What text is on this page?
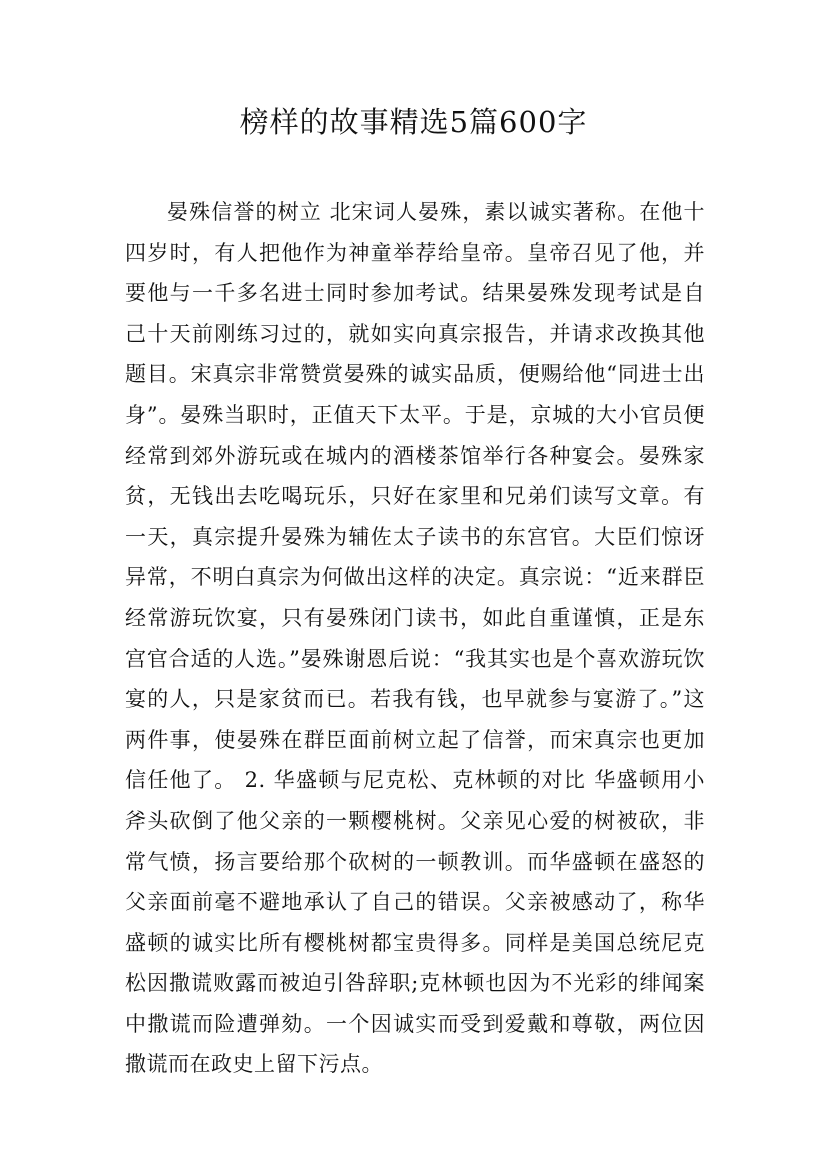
榜样的故事精选5篇600字

晏殊信誉的树立 北宋词人晏殊，素以诚实著称。在他十四岁时，有人把他作为神童举荐给皇帝。皇帝召见了他，并要他与一千多名进士同时参加考试。结果晏殊发现考试是自己十天前刚练习过的，就如实向真宗报告，并请求改换其他题目。宋真宗非常赞赏晏殊的诚实品质，便赐给他“同进士出身”。晏殊当职时，正值天下太平。于是，京城的大小官员便经常到郊外游玩或在城内的酒楼茶馆举行各种宴会。晏殊家贫，无钱出去吃喝玩乐，只好在家里和兄弟们读写文章。有一天，真宗提升晏殊为辅佐太子读书的东宫官。大臣们惊讶异常，不明白真宗为何做出这样的决定。真宗说：“近来群臣经常游玩饮宴，只有晏殊闭门读书，如此自重谨慎，正是东宫官合适的人选。”晏殊谢恩后说：“我其实也是个喜欢游玩饮宴的人，只是家贫而已。若我有钱，也早就参与宴游了。”这两件事，使晏殊在群臣面前树立起了信誉，而宋真宗也更加信任他了。 2. 华盛顿与尼克松、克林顿的对比 华盛顿用小斧头砍倒了他父亲的一颗樱桃树。父亲见心爱的树被砍，非常气愤，扬言要给那个砍树的一顿教训。而华盛顿在盛怒的父亲面前毫不避地承认了自己的错误。父亲被感动了，称华盛顿的诚实比所有樱桃树都宝贵得多。同样是美国总统尼克松因撒谎败露而被迫引咎辞职;克林顿也因为不光彩的绯闻案中撒谎而险遭弹劾。一个因诚实而受到爱戴和尊敬，两位因撒谎而在政史上留下污点。
